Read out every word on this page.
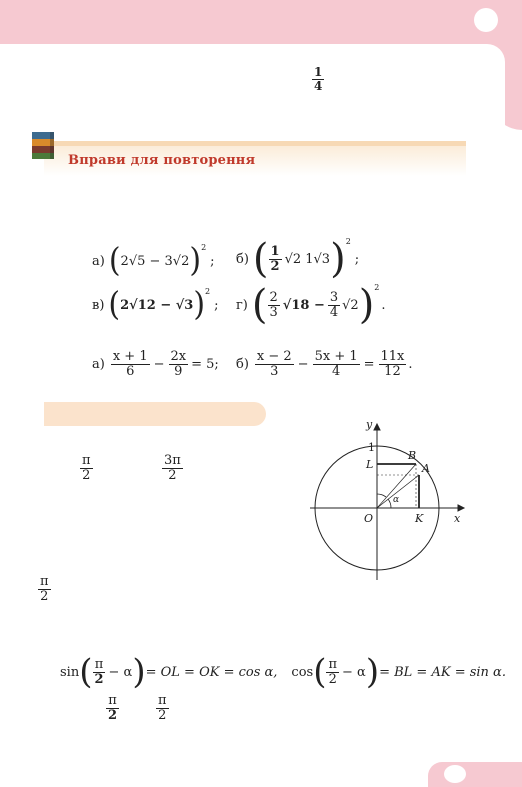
$\frac{1}{4}$
Вправи для повторення
а) ( 2√5 − 3√2 ) 2
; б) ( $\frac{1}{2} √2$ 1√3 ) 2
;
в) ( 2√12 − √3 ) 2
; г) ( $\frac{2}{3} √18 - \frac{3}{4} √2$ ) 2
.
$а) \frac{x + 1}{6} - \frac{2x}{9} = 5$; $б) \frac{x - 2}{3} - \frac{5x + 1}{4} = \frac{11x}{12}$ .
$\frac{\pi}{2}$	$\frac{3\pi}{2}$
$\frac{\pi}{2}$
y
x
1
L
B
A
O	K
α
sin ( $\frac{\pi}{2} - \alpha$ ) = OL = OK = cos α, cos ( $\frac{\pi}{2} - \alpha$ ) = BL = AK = sin α.
$\frac{\pi}{2}$	$\frac{\pi}{2}$
